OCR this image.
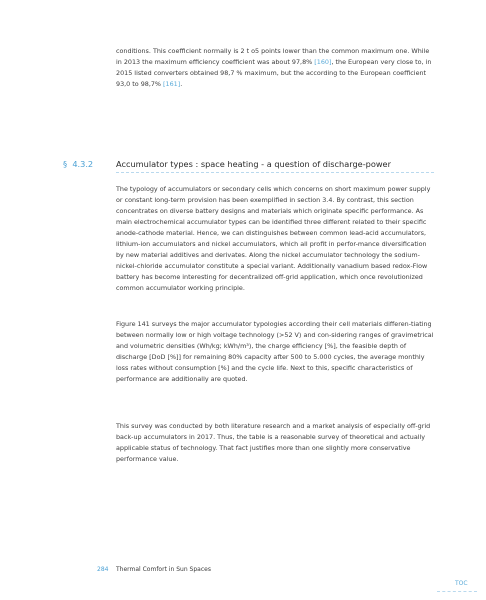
conditions. This coefficient normally is 2 t o5 points lower than the common maximum one. While in 2013 the maximum efficiency coefficient was about 97,8% [160], the European very close to, in 2015 listed converters obtained 98,7 % maximum, but the according to the European coefficient 93,0 to 98,7% [161].
§ 4.3.2	Accumulator types : space heating - a question of discharge-power
The typology of accumulators or secondary cells which concerns on short maximum power supply or constant long-term provision has been exemplified in section 3.4. By contrast, this section concentrates on diverse battery designs and materials which originate specific performance. As main electrochemical accumulator types can be identified three different related to their specific anode-cathode material. Hence, we can distinguishes between common lead-acid accumulators, lithium-ion accumulators and nickel accumulators, which all profit in perfor-mance diversification by new material additives and derivates. Along the nickel accumulator technology the sodium-nickel-chloride accumulator constitute a special variant. Additionally vanadium based redox-Flow battery has become interesting for decentralized off-grid application, which once revolutionized common accumulator working principle.
Figure 141 surveys the major accumulator typologies according their cell materials differen-tiating between normally low or high voltage technology (>52 V) and con-sidering ranges of gravimetrical and volumetric densities (Wh/kg; kWh/m³), the charge efficiency [%], the feasible depth of discharge [DoD [%]] for remaining 80% capacity after 500 to 5.000 cycles, the average monthly loss rates without consumption [%] and the cycle life. Next to this, specific characteristics of performance are additionally are quoted.
This survey was conducted by both literature research and a market analysis of especially off-grid back-up accumulators in 2017. Thus, the table is a reasonable survey of theoretical and actually applicable status of technology. That fact justifies more than one slightly more conservative performance value.
284 Thermal Comfort in Sun Spaces
TOC
